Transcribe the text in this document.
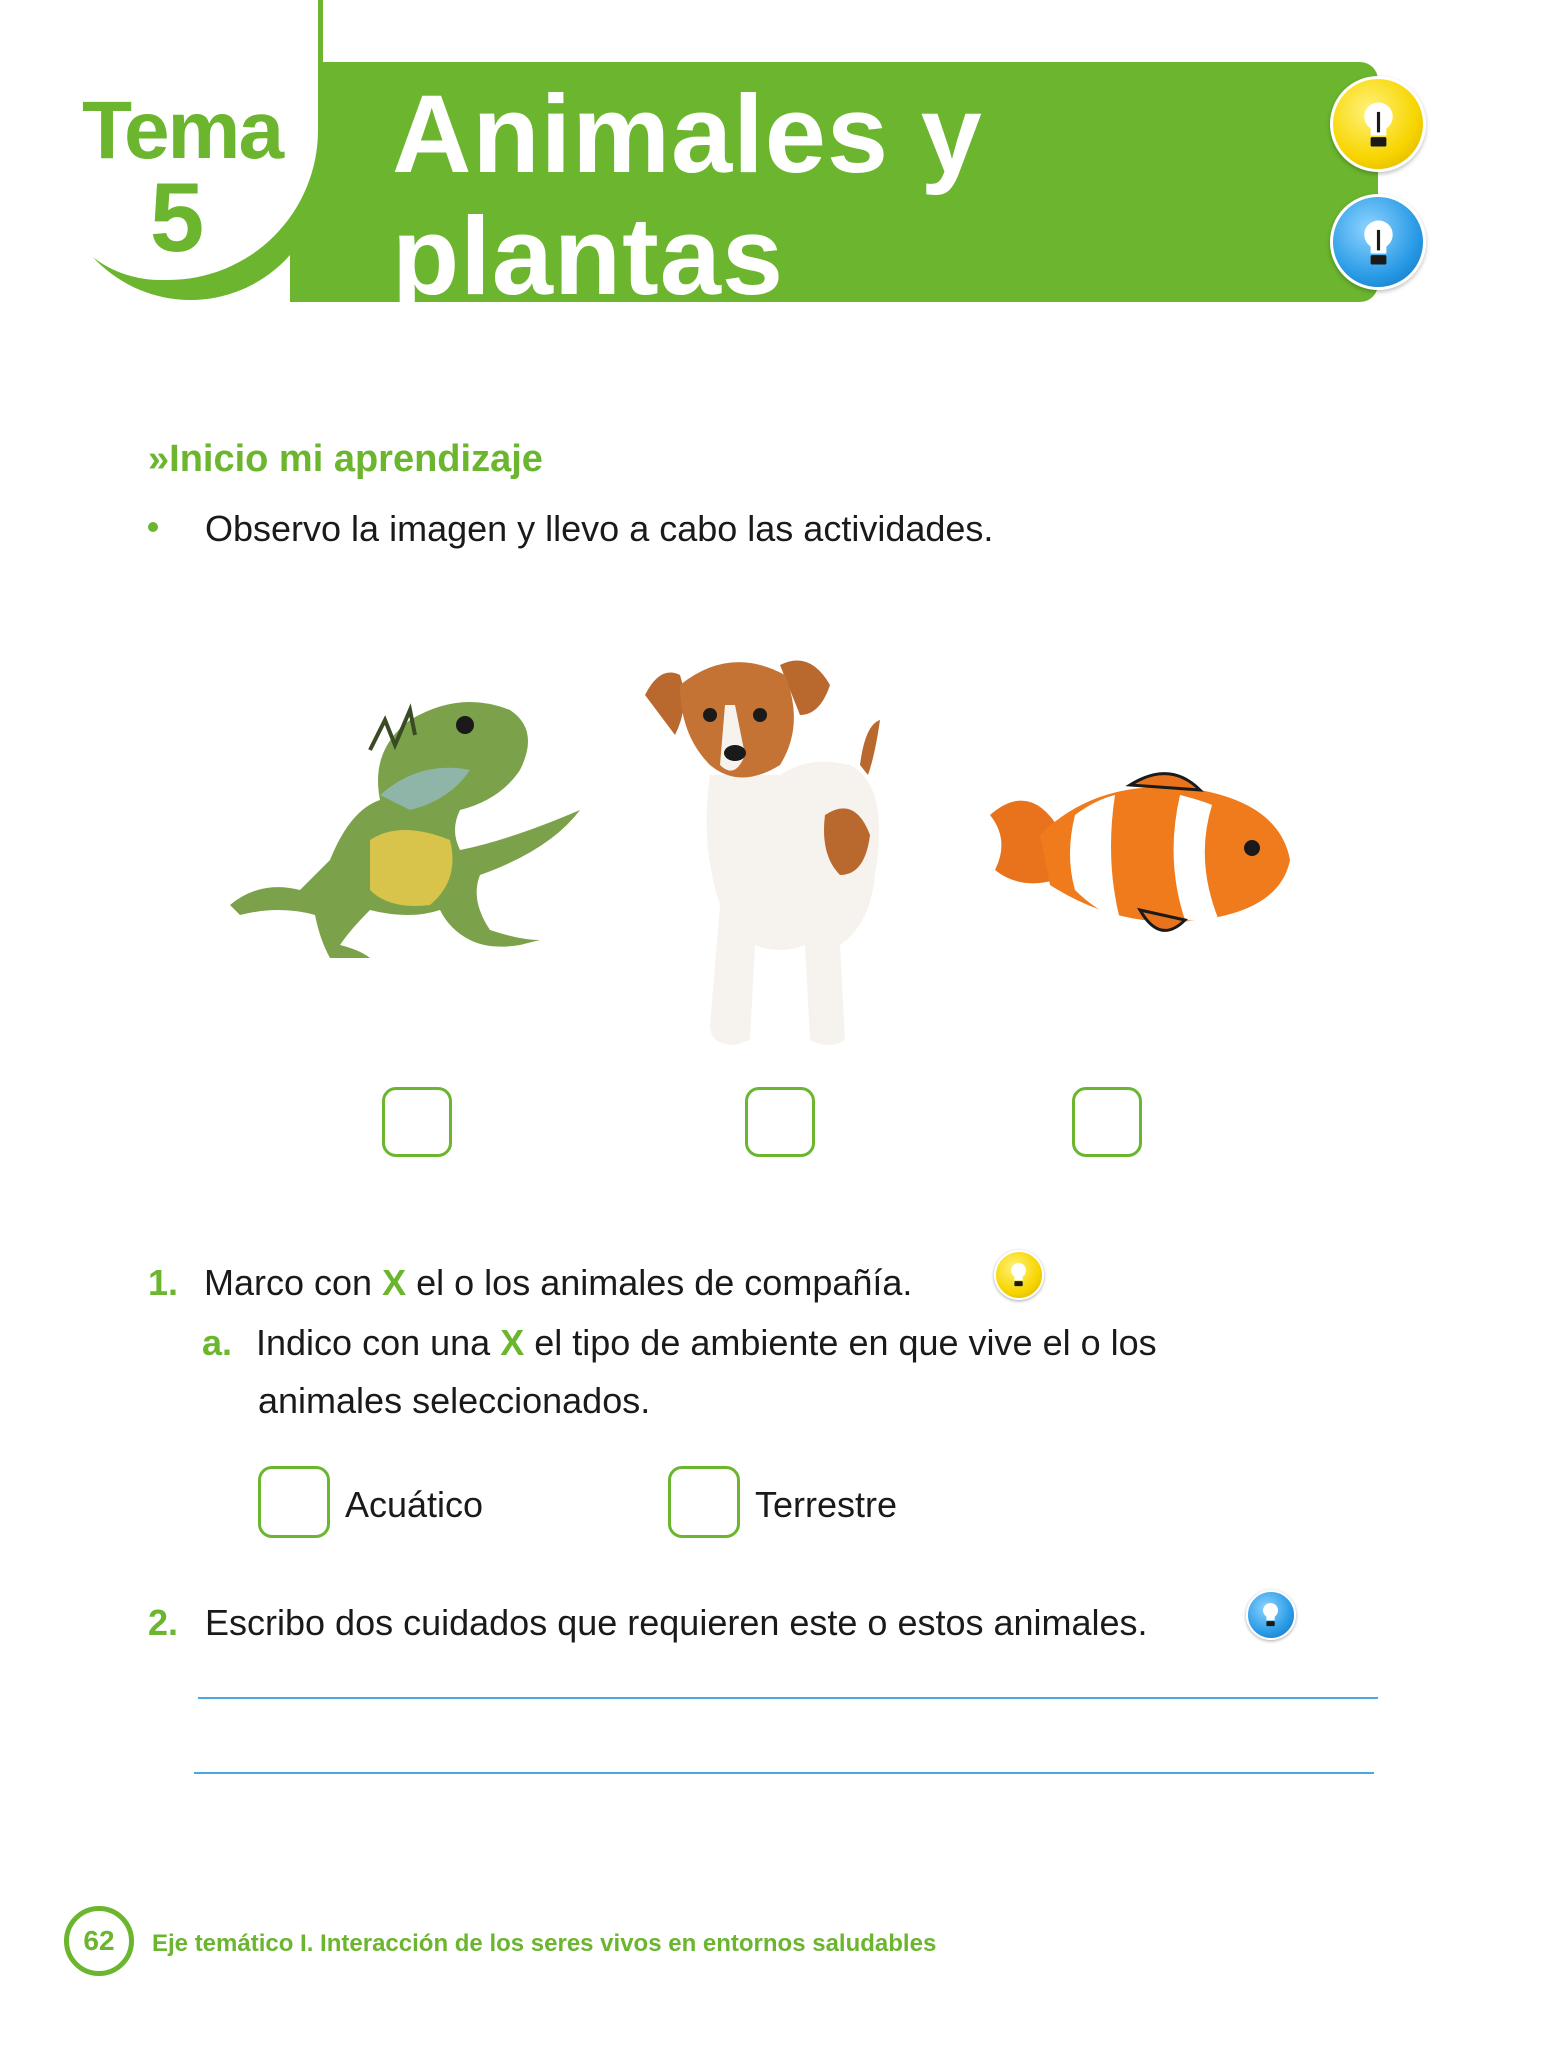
Tema
5
Animales y
plantas
»Inicio mi aprendizaje
Observo la imagen y llevo a cabo las actividades.
1. Marco con X el o los animales de compañía.
a. Indico con una X el tipo de ambiente en que vive el o los
animales seleccionados.
Acuático	Terrestre
2. Escribo dos cuidados que requieren este o estos animales.
62	Eje temático I. Interacción de los seres vivos en entornos saludables
